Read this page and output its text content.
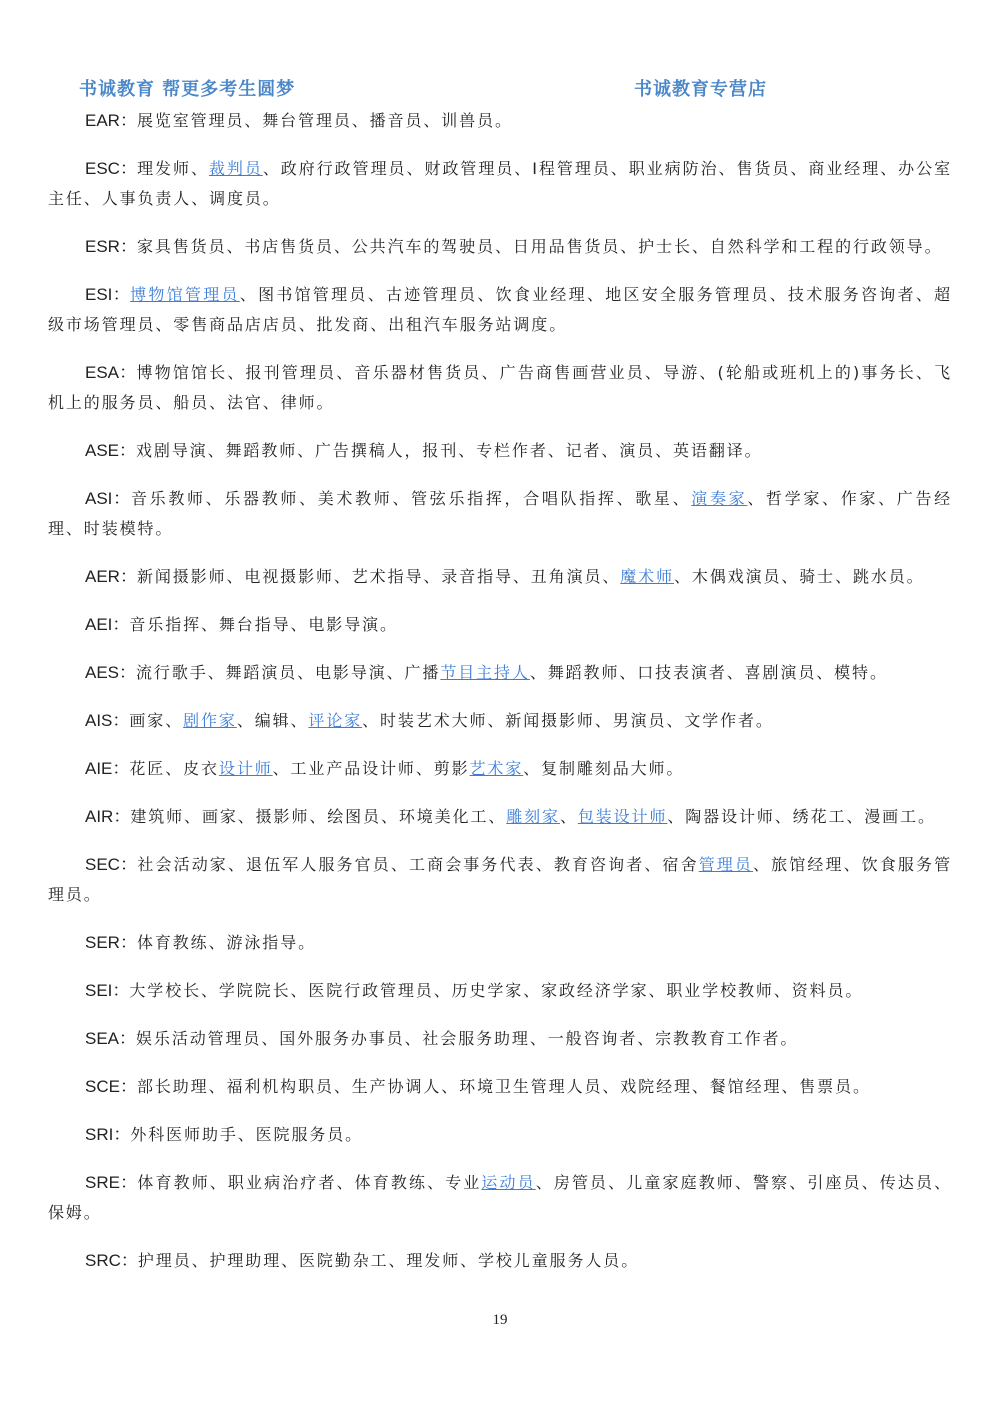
书诚教育 帮更多考生圆梦	书诚教育专营店

EAR：展览室管理员、舞台管理员、播音员、训兽员。

ESC：理发师、裁判员、政府行政管理员、财政管理员、I程管理员、职业病防治、售货员、商业经理、办公室主任、人事负责人、调度员。

ESR：家具售货员、书店售货员、公共汽车的驾驶员、日用品售货员、护士长、自然科学和工程的行政领导。

ESI：博物馆管理员、图书馆管理员、古迹管理员、饮食业经理、地区安全服务管理员、技术服务咨询者、超级市场管理员、零售商品店店员、批发商、出租汽车服务站调度。

ESA：博物馆馆长、报刊管理员、音乐器材售货员、广告商售画营业员、导游、(轮船或班机上的)事务长、飞机上的服务员、船员、法官、律师。

ASE：戏剧导演、舞蹈教师、广告撰稿人，报刊、专栏作者、记者、演员、英语翻译。

ASI：音乐教师、乐器教师、美术教师、管弦乐指挥，合唱队指挥、歌星、演奏家、哲学家、作家、广告经理、时装模特。

AER：新闻摄影师、电视摄影师、艺术指导、录音指导、丑角演员、魔术师、木偶戏演员、骑士、跳水员。

AEI：音乐指挥、舞台指导、电影导演。

AES：流行歌手、舞蹈演员、电影导演、广播节目主持人、舞蹈教师、口技表演者、喜剧演员、模特。

AIS：画家、剧作家、编辑、评论家、时装艺术大师、新闻摄影师、男演员、文学作者。

AIE：花匠、皮衣设计师、工业产品设计师、剪影艺术家、复制雕刻品大师。

AIR：建筑师、画家、摄影师、绘图员、环境美化工、雕刻家、包装设计师、陶器设计师、绣花工、漫画工。

SEC：社会活动家、退伍军人服务官员、工商会事务代表、教育咨询者、宿舍管理员、旅馆经理、饮食服务管理员。

SER：体育教练、游泳指导。

SEI：大学校长、学院院长、医院行政管理员、历史学家、家政经济学家、职业学校教师、资料员。

SEA：娱乐活动管理员、国外服务办事员、社会服务助理、一般咨询者、宗教教育工作者。

SCE：部长助理、福利机构职员、生产协调人、环境卫生管理人员、戏院经理、餐馆经理、售票员。

SRI：外科医师助手、医院服务员。

SRE：体育教师、职业病治疗者、体育教练、专业运动员、房管员、儿童家庭教师、警察、引座员、传达员、保姆。

SRC：护理员、护理助理、医院勤杂工、理发师、学校儿童服务人员。

19
